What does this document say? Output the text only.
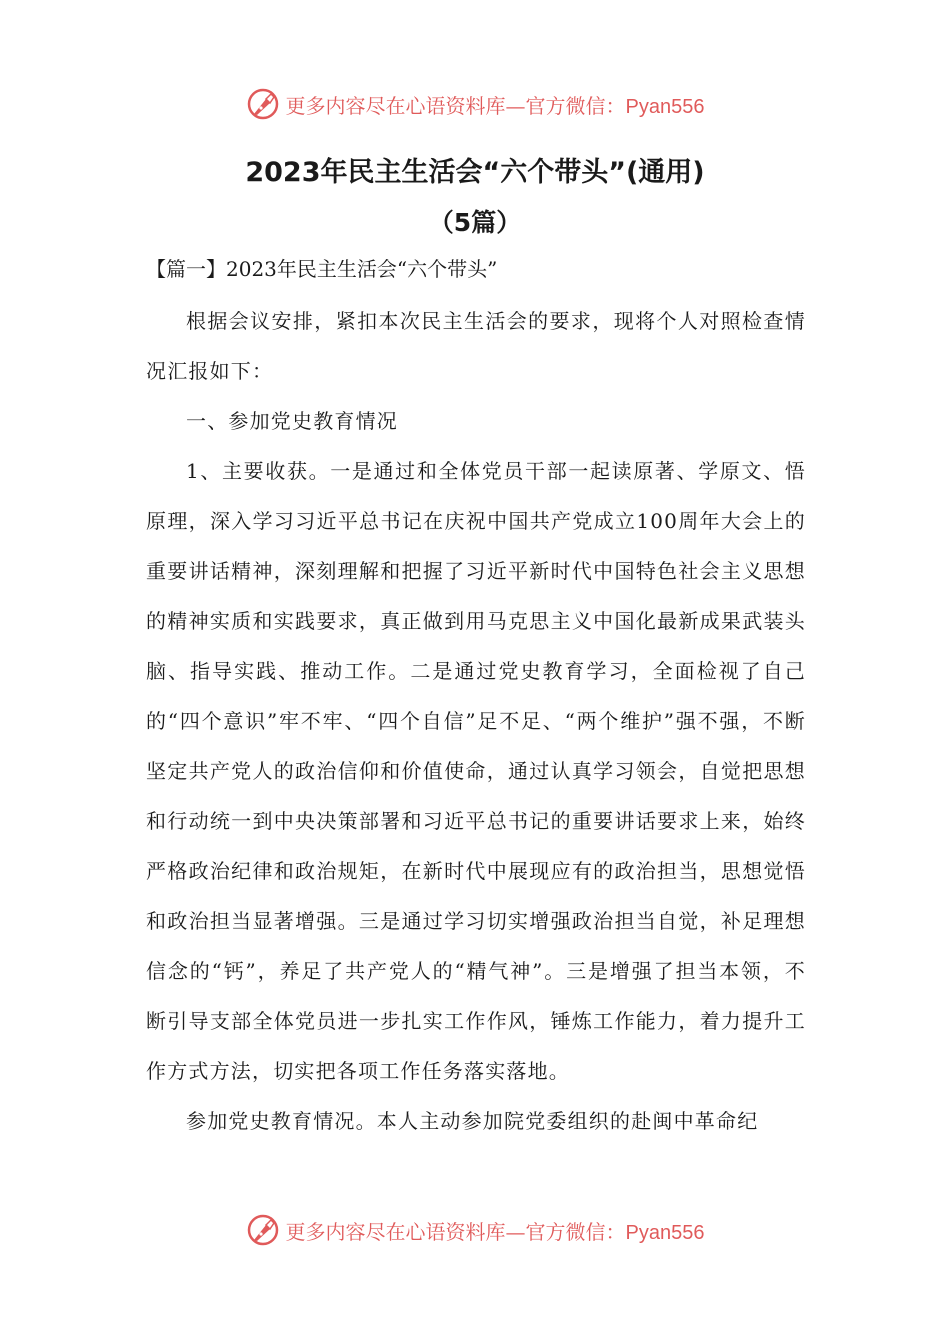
更多内容尽在心语资料库—官方微信：Pyan556
2023年民主生活会“六个带头”(通用)
（5篇）
【篇一】2023年民主生活会“六个带头”

根据会议安排，紧扣本次民主生活会的要求，现将个人对照检查情况汇报如下：

一、参加党史教育情况

1、主要收获。一是通过和全体党员干部一起读原著、学原文、悟原理，深入学习习近平总书记在庆祝中国共产党成立100周年大会上的重要讲话精神，深刻理解和把握了习近平新时代中国特色社会主义思想的精神实质和实践要求，真正做到用马克思主义中国化最新成果武装头脑、指导实践、推动工作。二是通过党史教育学习，全面检视了自己的“四个意识”牢不牢、“四个自信”足不足、“两个维护”强不强，不断坚定共产党人的政治信仰和价值使命，通过认真学习领会，自觉把思想和行动统一到中央决策部署和习近平总书记的重要讲话要求上来，始终严格政治纪律和政治规矩，在新时代中展现应有的政治担当，思想觉悟和政治担当显著增强。三是通过学习切实增强政治担当自觉，补足理想信念的“钙”，养足了共产党人的“精气神”。三是增强了担当本领，不断引导支部全体党员进一步扎实工作作风，锤炼工作能力，着力提升工作方式方法，切实把各项工作任务落实落地。

参加党史教育情况。本人主动参加院党委组织的赴闽中革命纪

更多内容尽在心语资料库—官方微信：Pyan556
